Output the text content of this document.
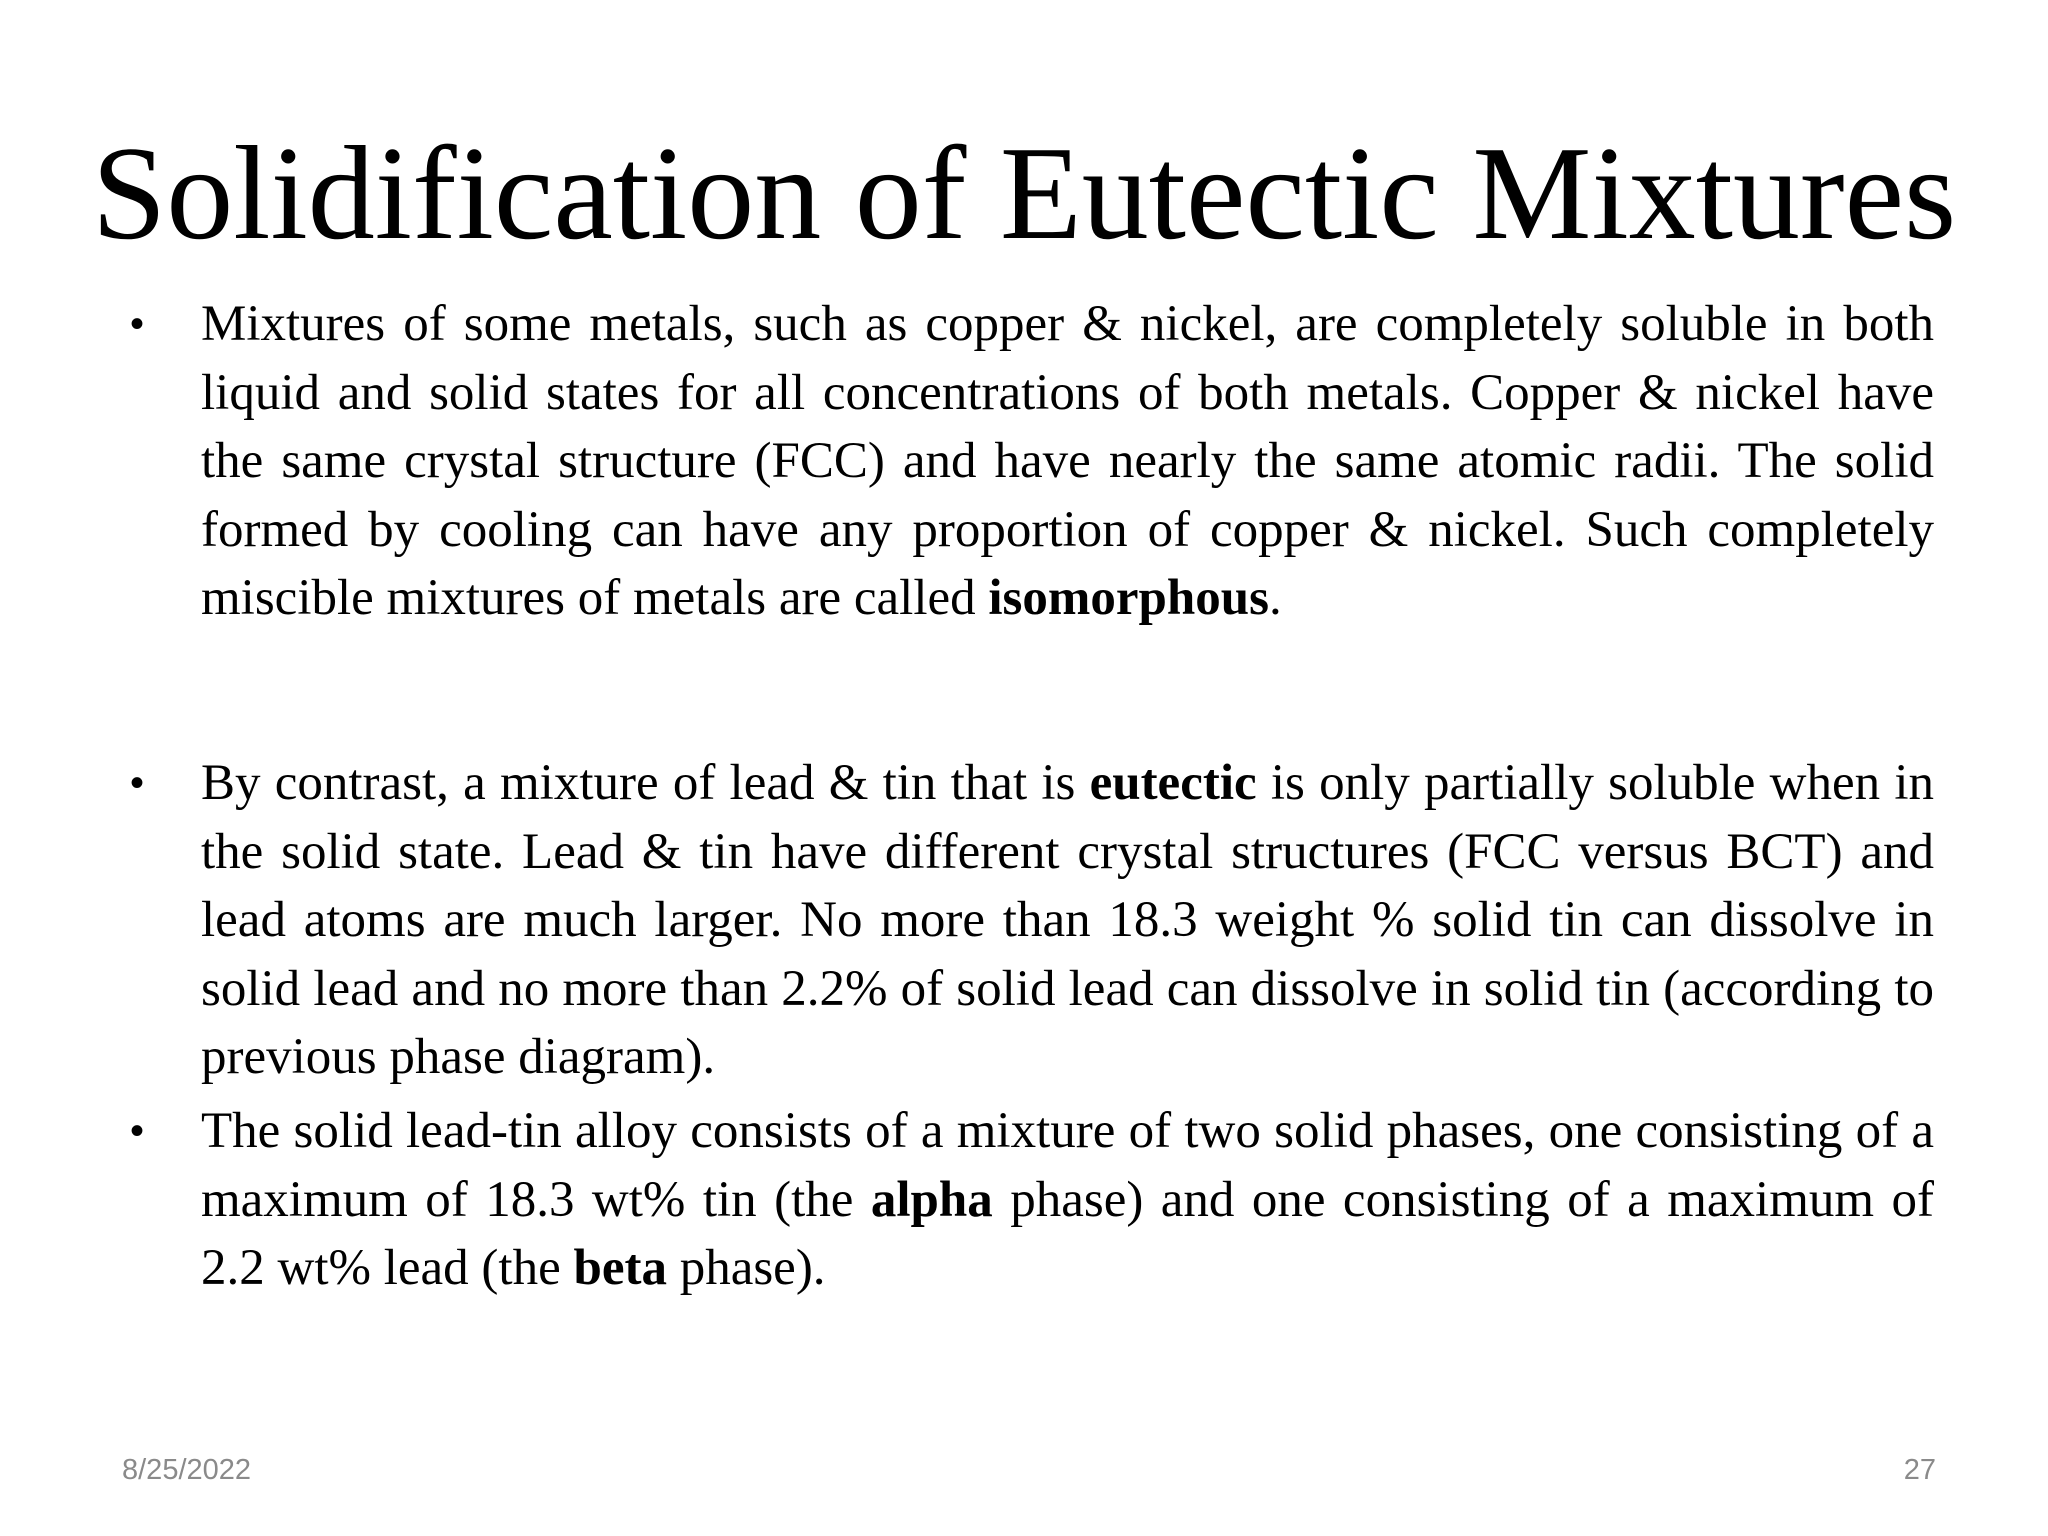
Solidification of Eutectic Mixtures
•	Mixtures of some metals, such as copper & nickel, are completely soluble in both liquid and solid states for all concentrations of both metals. Copper & nickel have the same crystal structure (FCC) and have nearly the same atomic radii. The solid formed by cooling can have any proportion of copper & nickel. Such completely miscible mixtures of metals are called isomorphous.
•	By contrast, a mixture of lead & tin that is eutectic is only partially soluble when in the solid state. Lead & tin have different crystal structures (FCC versus BCT) and lead atoms are much larger. No more than 18.3 weight % solid tin can dissolve in solid lead and no more than 2.2% of solid lead can dissolve in solid tin (according to previous phase diagram).
•	The solid lead-tin alloy consists of a mixture of two solid phases, one consisting of a maximum of 18.3 wt% tin (the alpha phase) and one consisting of a maximum of 2.2 wt% lead (the beta phase).
8/25/2022	27
